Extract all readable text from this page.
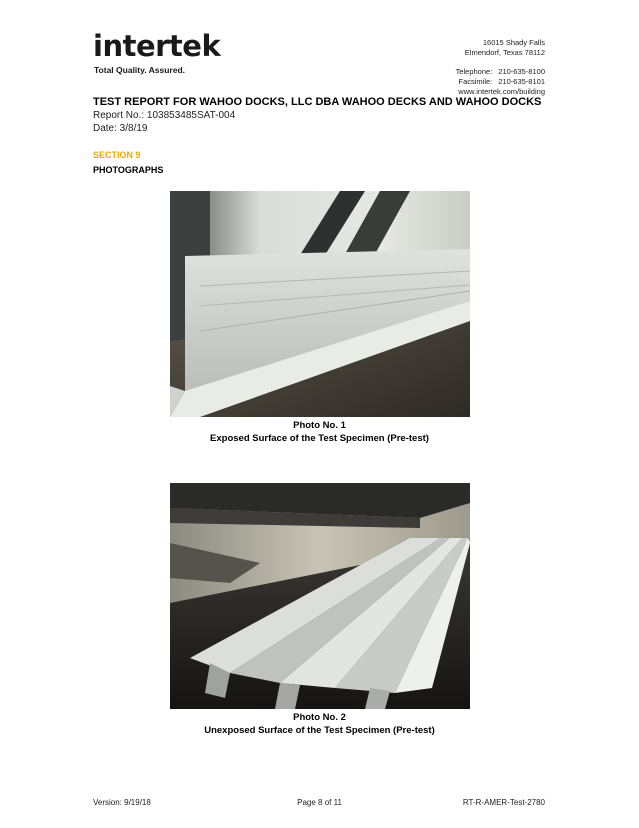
intertek
Total Quality. Assured.
16015 Shady Falls
Elmendorf, Texas 78112
Telephone: 210-635-8100
Facsimile: 210-635-8101
www.intertek.com/building
TEST REPORT FOR WAHOO DOCKS, LLC DBA WAHOO DECKS AND WAHOO DOCKS
Report No.: 103853485SAT-004
Date: 3/8/19
SECTION 9
PHOTOGRAPHS
Photo No. 1
Exposed Surface of the Test Specimen (Pre-test)
Photo No. 2
Unexposed Surface of the Test Specimen (Pre-test)
Version: 9/19/18	Page 8 of 11	RT-R-AMER-Test-2780
